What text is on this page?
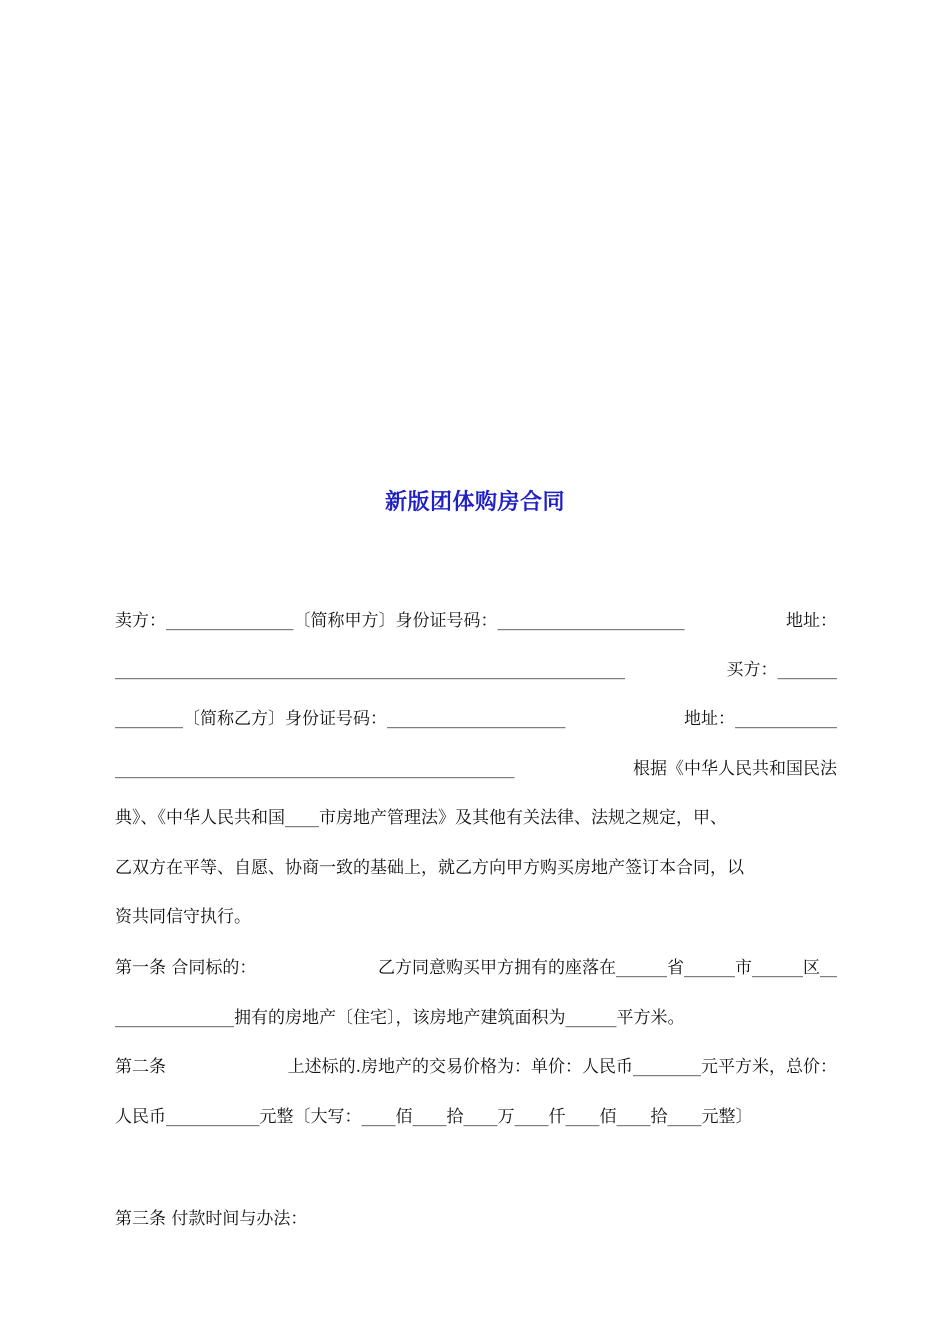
新版团体购房合同
卖方：_______________〔简称甲方〕身份证号码：______________________	地址：
____________________________________________________________	买方：_______
________〔简称乙方〕身份证号码：_____________________	地址：____________
_______________________________________________	根据《中华人民共和国民法
典》、《中华人民共和国____市房地产管理法》及其他有关法律、法规之规定，甲、
乙双方在平等、自愿、协商一致的基础上，就乙方向甲方购买房地产签订本合同，以
资共同信守执行。
第一条 合同标的：	乙方同意购买甲方拥有的座落在______省______市______区__
______________拥有的房地产〔住宅〕，该房地产建筑面积为______平方米。
第二条	上述标的.房地产的交易价格为：单价：人民币________元平方米，总价：
人民币___________元整〔大写：____佰____拾____万____仟____佰____拾____元整〕
第三条 付款时间与办法：
